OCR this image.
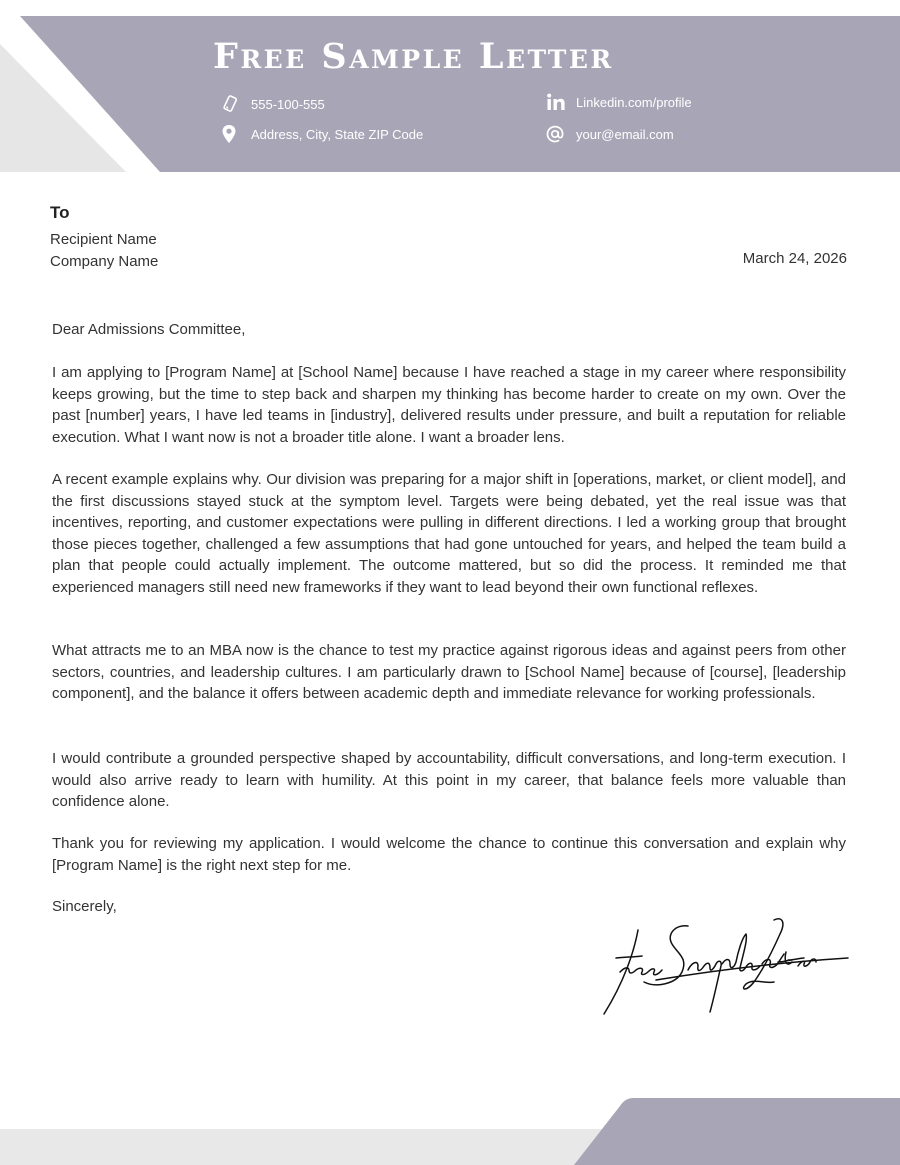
Free Sample Letter
555-100-555
Address, City, State ZIP Code
Linkedin.com/profile
your@email.com
To
Recipient Name
Company Name	March 24, 2026
Dear Admissions Committee,
I am applying to [Program Name] at [School Name] because I have reached a stage in my career where responsibility keeps growing, but the time to step back and sharpen my thinking has become harder to create on my own. Over the past [number] years, I have led teams in [industry], delivered results under pressure, and built a reputation for reliable execution. What I want now is not a broader title alone. I want a broader lens.
A recent example explains why. Our division was preparing for a major shift in [operations, market, or client model], and the first discussions stayed stuck at the symptom level. Targets were being debated, yet the real issue was that incentives, reporting, and customer expectations were pulling in different directions. I led a working group that brought those pieces together, challenged a few assumptions that had gone untouched for years, and helped the team build a plan that people could actually implement. The outcome mattered, but so did the process. It reminded me that experienced managers still need new frameworks if they want to lead beyond their own functional reflexes.
What attracts me to an MBA now is the chance to test my practice against rigorous ideas and against peers from other sectors, countries, and leadership cultures. I am particularly drawn to [School Name] because of [course], [leadership component], and the balance it offers between academic depth and immediate relevance for working professionals.
I would contribute a grounded perspective shaped by accountability, difficult conversations, and long-term execution. I would also arrive ready to learn with humility. At this point in my career, that balance feels more valuable than confidence alone.
Thank you for reviewing my application. I would welcome the chance to continue this conversation and explain why [Program Name] is the right next step for me.
Sincerely,
